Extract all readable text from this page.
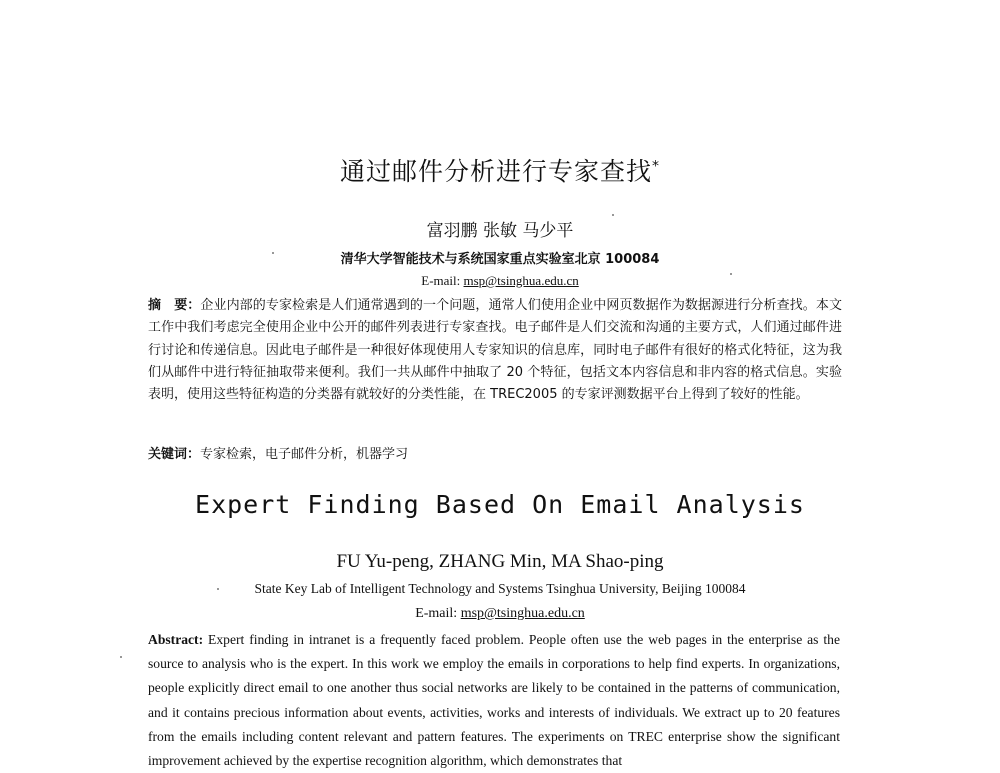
通过邮件分析进行专家查找*
富羽鹏 张敏 马少平
清华大学智能技术与系统国家重点实验室北京 100084
E-mail: msp@tsinghua.edu.cn
摘　要：企业内部的专家检索是人们通常遇到的一个问题，通常人们使用企业中网页数据作为数据源进行分析查找。本文工作中我们考虑完全使用企业中公开的邮件列表进行专家查找。电子邮件是人们交流和沟通的主要方式，人们通过邮件进行讨论和传递信息。因此电子邮件是一种很好体现使用人专家知识的信息库，同时电子邮件有很好的格式化特征，这为我们从邮件中进行特征抽取带来便利。我们一共从邮件中抽取了 20 个特征，包括文本内容信息和非内容的格式信息。实验表明，使用这些特征构造的分类器有就较好的分类性能，在 TREC2005 的专家评测数据平台上得到了较好的性能。
关键词：专家检索，电子邮件分析，机器学习
Expert Finding Based On Email Analysis
FU Yu-peng, ZHANG Min, MA Shao-ping
State Key Lab of Intelligent Technology and Systems Tsinghua University, Beijing 100084
E-mail: msp@tsinghua.edu.cn
Abstract: Expert finding in intranet is a frequently faced problem. People often use the web pages in the enterprise as the source to analysis who is the expert. In this work we employ the emails in corporations to help find experts. In organizations, people explicitly direct email to one another thus social networks are likely to be contained in the patterns of communication, and it contains precious information about events, activities, works and interests of individuals. We extract up to 20 features from the emails including content relevant and pattern features. The experiments on TREC enterprise show the significant improvement achieved by the expertise recognition algorithm, which demonstrates that
